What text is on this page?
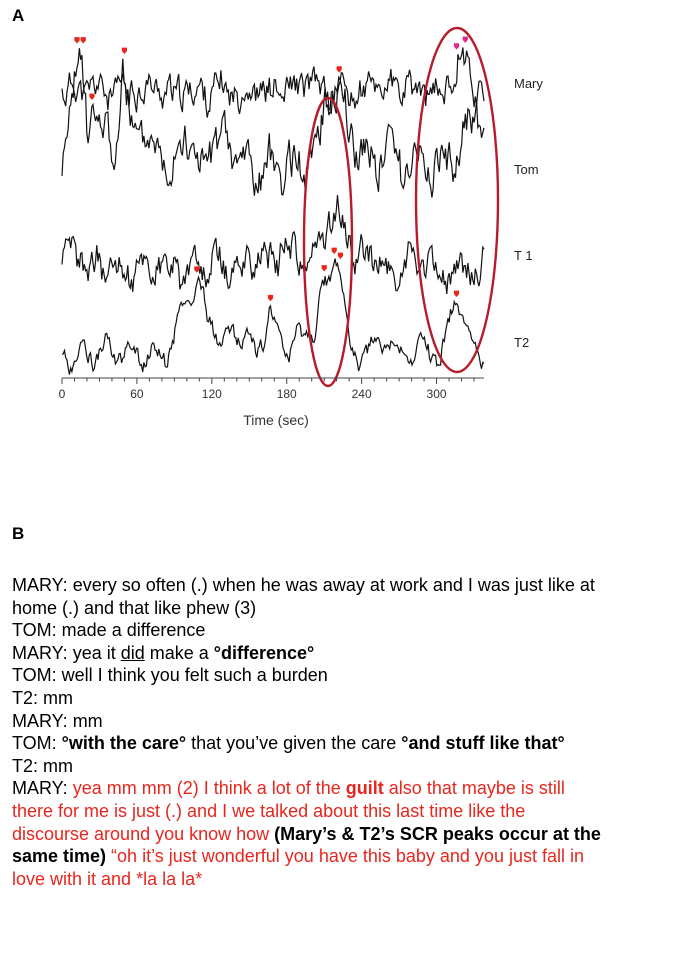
A
Mary
Tom
T 1
T2
0	60	120	180	240	300
Time (sec)
B
MARY: every so often (.) when he was away at work and I was just like at
home (.) and that like phew (3)
TOM: made a difference
MARY: yea it did make a °difference°
TOM: well I think you felt such a burden
T2: mm
MARY: mm
TOM: °with the care° that you’ve given the care °and stuff like that°
T2: mm
MARY: yea mm mm (2) I think a lot of the guilt also that maybe is still
there for me is just (.) and I we talked about this last time like the
discourse around you know how (Mary’s & T2’s SCR peaks occur at the
same time) “oh it’s just wonderful you have this baby and you just fall in
love with it and *la la la*
